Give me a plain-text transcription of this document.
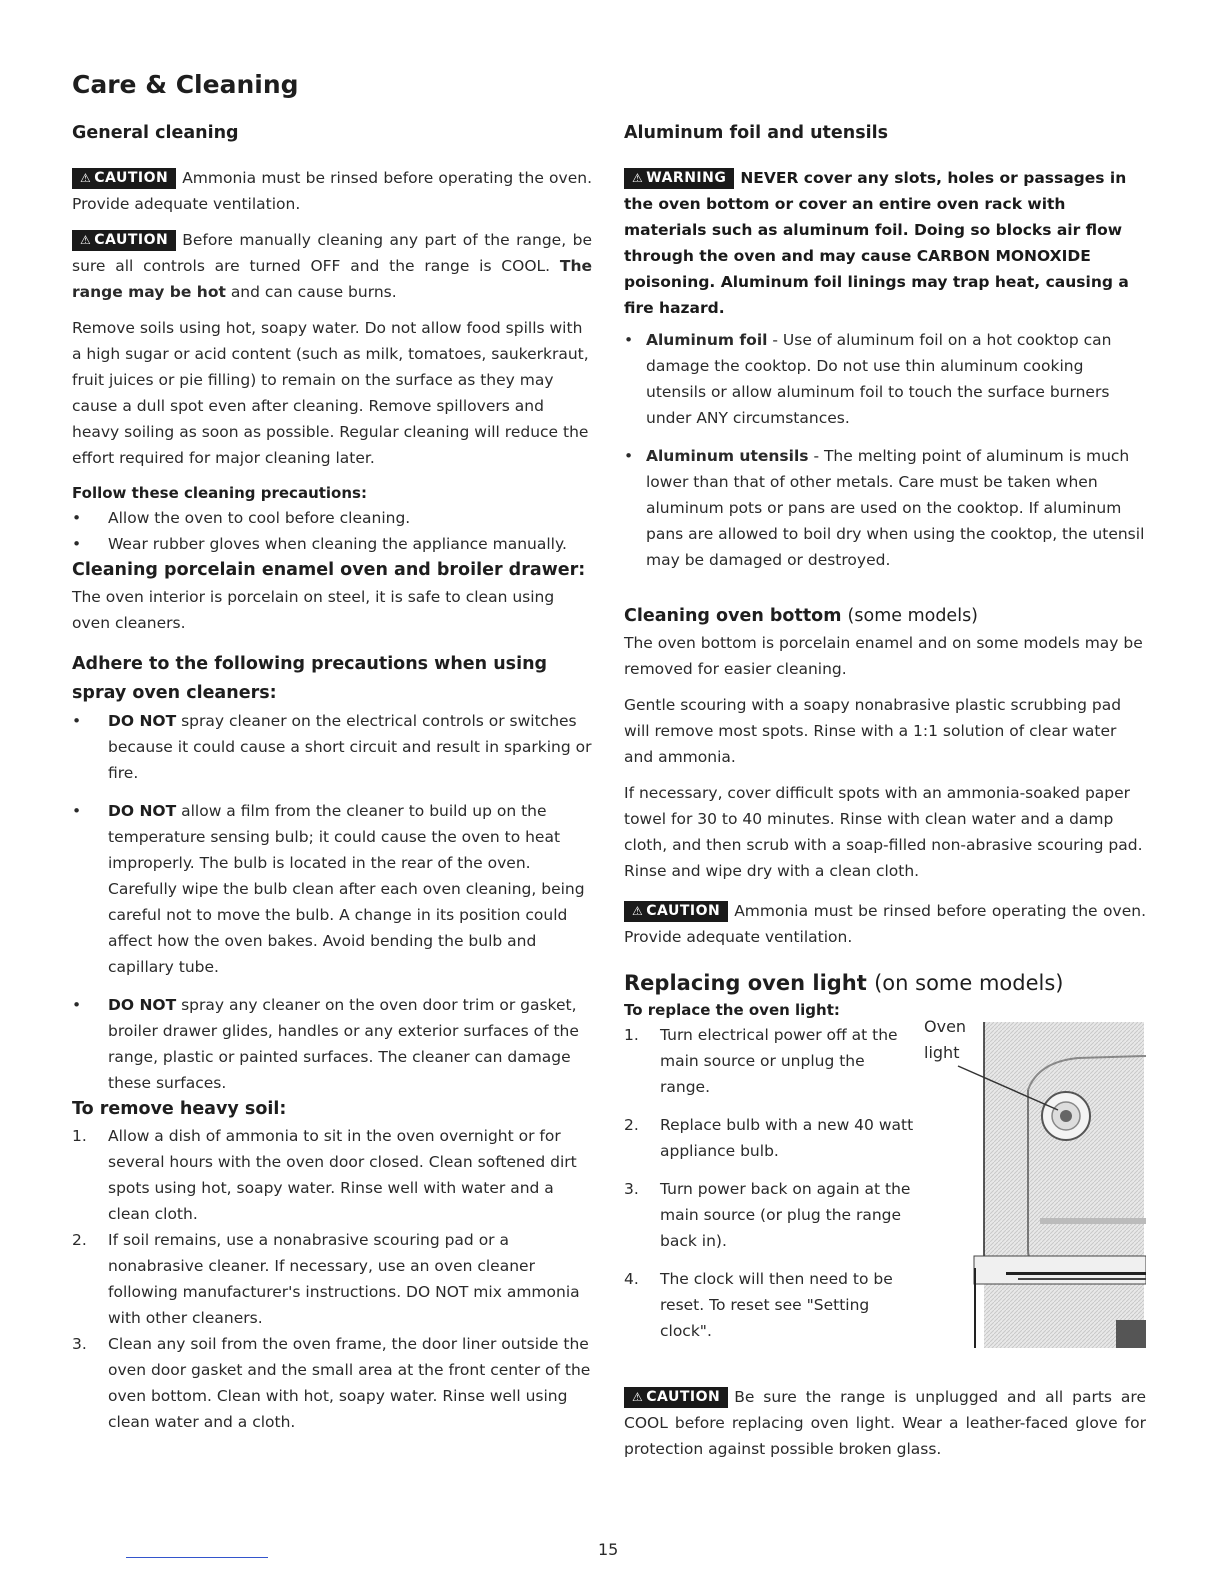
Care & Cleaning
General cleaning

⚠ CAUTION Ammonia must be rinsed before operating the oven. Provide adequate ventilation.

⚠ CAUTION Before manually cleaning any part of the range, be sure all controls are turned OFF and the range is COOL. The range may be hot and can cause burns.

Remove soils using hot, soapy water. Do not allow food spills with a high sugar or acid content (such as milk, tomatoes, saukerkraut, fruit juices or pie filling) to remain on the surface as they may cause a dull spot even after cleaning. Remove spillovers and heavy soiling as soon as possible. Regular cleaning will reduce the effort required for major cleaning later.

Follow these cleaning precautions:
•	Allow the oven to cool before cleaning.
•	Wear rubber gloves when cleaning the appliance manually.
Cleaning porcelain enamel oven and broiler drawer:

The oven interior is porcelain on steel, it is safe to clean using oven cleaners.

Adhere to the following precautions when using spray oven cleaners:
•	DO NOT spray cleaner on the electrical controls or switches because it could cause a short circuit and result in sparking or fire.
•	DO NOT allow a film from the cleaner to build up on the temperature sensing bulb; it could cause the oven to heat improperly. The bulb is located in the rear of the oven. Carefully wipe the bulb clean after each oven cleaning, being careful not to move the bulb. A change in its position could affect how the oven bakes. Avoid bending the bulb and capillary tube.
•	DO NOT spray any cleaner on the oven door trim or gasket, broiler drawer glides, handles or any exterior surfaces of the range, plastic or painted surfaces. The cleaner can damage these surfaces.
To remove heavy soil:
1. Allow a dish of ammonia to sit in the oven overnight or for several hours with the oven door closed. Clean softened dirt spots using hot, soapy water. Rinse well with water and a clean cloth.
2. If soil remains, use a nonabrasive scouring pad or a nonabrasive cleaner. If necessary, use an oven cleaner following manufacturer's instructions. DO NOT mix ammonia with other cleaners.
3. Clean any soil from the oven frame, the door liner outside the oven door gasket and the small area at the front center of the oven bottom. Clean with hot, soapy water. Rinse well using clean water and a cloth.
Aluminum foil and utensils

⚠ WARNING NEVER cover any slots, holes or passages in the oven bottom or cover an entire oven rack with materials such as aluminum foil. Doing so blocks air flow through the oven and may cause CARBON MONOXIDE poisoning. Aluminum foil linings may trap heat, causing a fire hazard.

• Aluminum foil - Use of aluminum foil on a hot cooktop can damage the cooktop. Do not use thin aluminum cooking utensils or allow aluminum foil to touch the surface burners under ANY circumstances.
• Aluminum utensils - The melting point of aluminum is much lower than that of other metals. Care must be taken when aluminum pots or pans are used on the cooktop. If aluminum pans are allowed to boil dry when using the cooktop, the utensil may be damaged or destroyed.
Cleaning oven bottom (some models)

The oven bottom is porcelain enamel and on some models may be removed for easier cleaning.

Gentle scouring with a soapy nonabrasive plastic scrubbing pad will remove most spots. Rinse with a 1:1 solution of clear water and ammonia.

If necessary, cover difficult spots with an ammonia-soaked paper towel for 30 to 40 minutes. Rinse with clean water and a damp cloth, and then scrub with a soap-filled non-abrasive scouring pad. Rinse and wipe dry with a clean cloth.

⚠ CAUTION Ammonia must be rinsed before operating the oven. Provide adequate ventilation.

Replacing oven light (on some models)
To replace the oven light:
1. Turn electrical power off at the main source or unplug the range.
2. Replace bulb with a new 40 watt appliance bulb.
3. Turn power back on again at the main source (or plug the range back in).
4. The clock will then need to be reset. To reset see "Setting clock".

⚠ CAUTION Be sure the range is unplugged and all parts are COOL before replacing oven light. Wear a leather-faced glove for protection against possible broken glass.

Oven
light
15
